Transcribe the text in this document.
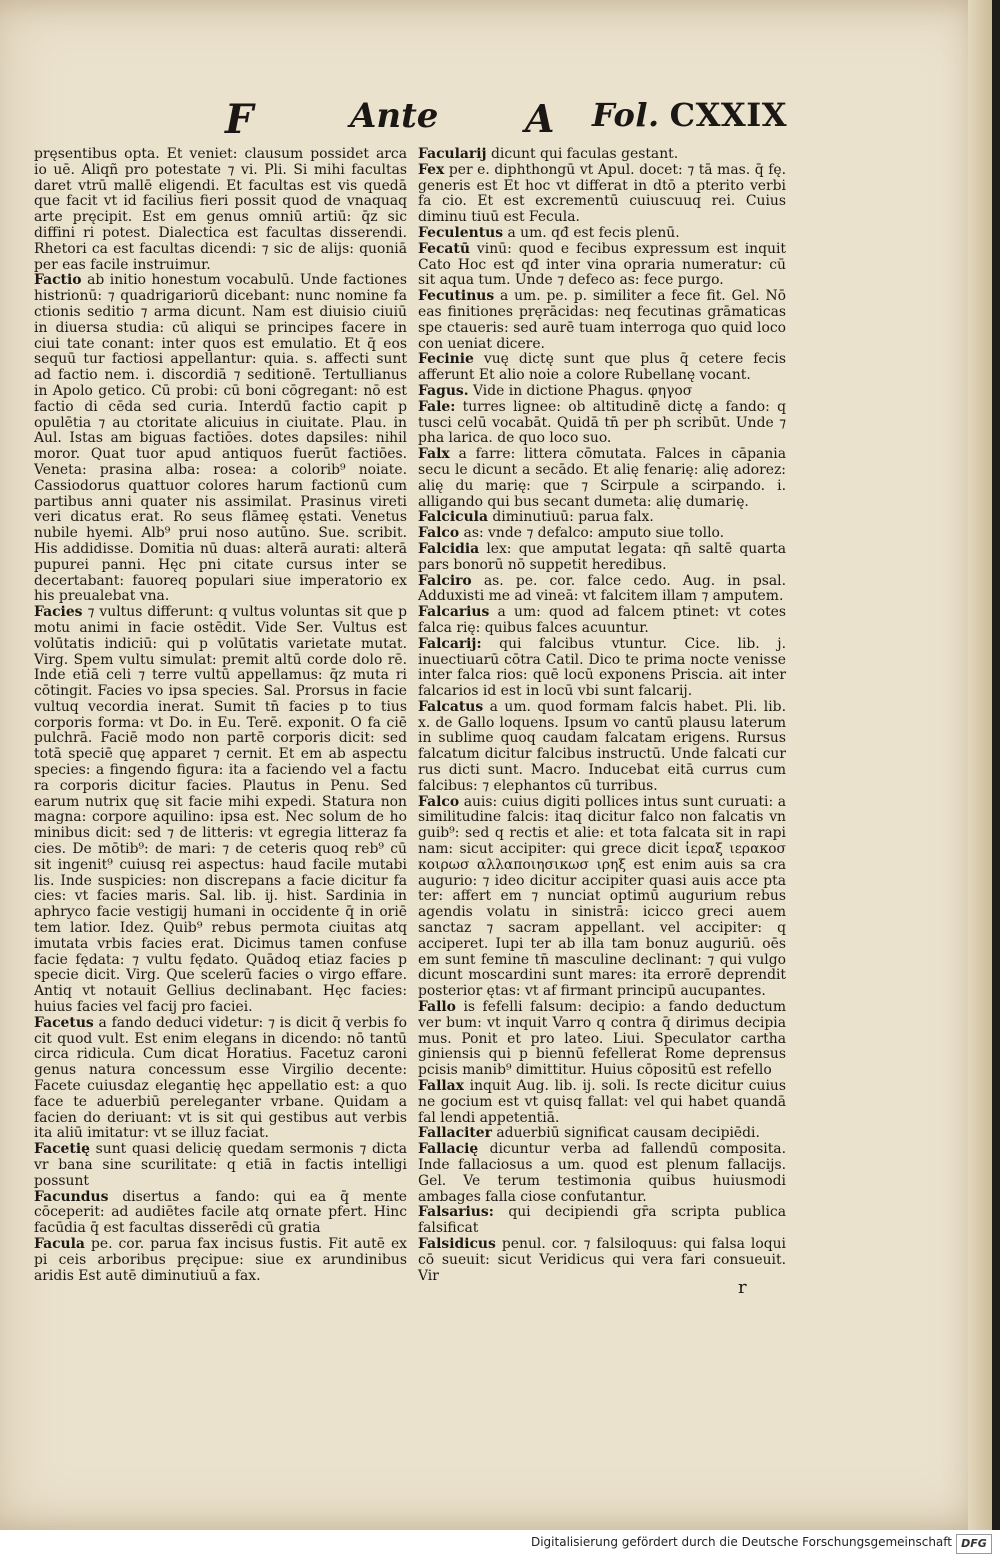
F	Ante A Fol. CXXIX

pręsentibus opta. Et veniet: clausum possidet arca io uē. Aliqñ pro potestate ⁊ vi. Pli. Si mihi facultas daret vtrū mallē eligendi. Et facultas est vis quedā que facit vt id facilius fieri possit quod de vnaquaq arte pręcipit. Est em genus omniū artiū: q̄z sic diffini ri potest. Dialectica est facultas disserendi. Rhetori ca est facultas dicendi: ⁊ sic de alijs: quoniā per eas facile instruimur.

Factio ab initio honestum vocabulū. Unde factiones histrionū: ⁊ quadrigariorū dicebant: nunc nomine fa ctionis seditio ⁊ arma dicunt. Nam est diuisio ciuiū in diuersa studia: cū aliqui se principes facere in ciui tate conant: inter quos est emulatio. Et q̄ eos sequū tur factiosi appellantur: quia. s. affecti sunt ad factio nem. i. discordiā ⁊ seditionē. Tertullianus in Apolo getico. Cū probi: cū boni cōgregant: nō est factio di cēda sed curia. Interdū factio capit p opulētia ⁊ au ctoritate alicuius in ciuitate. Plau. in Aul. Istas am biguas factiōes. dotes dapsiles: nihil moror. Quat tuor apud antiquos fuerūt factiōes. Veneta: prasina alba: rosea: a colorib⁹ noiate. Cassiodorus quattuor colores harum factionū cum partibus anni quater nis assimilat. Prasinus vireti veri dicatus erat. Ro seus flāmeę ęstati. Venetus nubile hyemi. Alb⁹ prui noso autūno. Sue. scribit. His addidisse. Domitia nū duas: alterā aurati: alterā pupurei panni. Hęc pni citate cursus inter se decertabant: fauoreq populari siue imperatorio ex his preualebat vna.

Facies ⁊ vultus differunt: q vultus voluntas sit que p motu animi in facie ostēdit. Vide Ser. Vultus est volūtatis indiciū: qui p volūtatis varietate mutat. Virg. Spem vultu simulat: premit altū corde dolo rē. Inde etiā celi ⁊ terre vultū appellamus: q̄z muta ri cōtingit. Facies vo ipsa species. Sal. Prorsus in facie vultuq vecordia inerat. Sumit tn̄ facies p to tius corporis forma: vt Do. in Eu. Terē. exponit. O fa ciē pulchrā. Faciē modo non partē corporis dicit: sed totā speciē quę apparet ⁊ cernit. Et em ab aspectu species: a fingendo figura: ita a faciendo vel a factu ra corporis dicitur facies. Plautus in Penu. Sed earum nutrix quę sit facie mihi expedi. Statura non magna: corpore aquilino: ipsa est. Nec solum de ho minibus dicit: sed ⁊ de litteris: vt egregia litteraz fa cies. De mōtib⁹: de mari: ⁊ de ceteris quoq reb⁹ cū sit ingenit⁹ cuiusq rei aspectus: haud facile mutabi lis. Inde suspicies: non discrepans a facie dicitur fa cies: vt facies maris. Sal. lib. ij. hist. Sardinia in aphryco facie vestigij humani in occidente q̄ in oriē tem latior. Idez. Quib⁹ rebus permota ciuitas atq imutata vrbis facies erat. Dicimus tamen confuse facie fędata: ⁊ vultu fędato. Quādoq etiaz facies p specie dicit. Virg. Que scelerū facies o virgo effare. Antiq vt notauit Gellius declinabant. Hęc facies: huius facies vel facij pro faciei.

Facetus a fando deduci videtur: ⁊ is dicit q̄ verbis fo cit quod vult. Est enim elegans in dicendo: nō tantū circa ridicula. Cum dicat Horatius. Facetuz caroni genus natura concessum esse Virgilio decente: Facete cuiusdaz elegantię hęc appellatio est: a quo face te aduerbiū pereleganter vrbane. Quidam a facien do deriuant: vt is sit qui gestibus aut verbis ita aliū imitatur: vt se illuz faciat.

Facetię sunt quasi delicię quedam sermonis ⁊ dicta vr bana sine scurilitate: q etiā in factis intelligi possunt

Facundus disertus a fando: qui ea q̄ mente cōceperit: ad audiētes facile atq ornate pfert. Hinc facūdia q̄ est facultas disserēdi cū gratia

Facula pe. cor. parua fax incisus fustis. Fit autē ex pi ceis arboribus pręcipue: siue ex arundinibus aridis Est autē diminutiuū a fax.

Facularij dicunt qui faculas gestant.

Fex per e. diphthongū vt Apul. docet: ⁊ tā mas. q̄ fę. generis est Et hoc vt differat in dtō a pterito verbi fa cio. Et est excrementū cuiuscuuq rei. Cuius diminu tiuū est Fecula.

Feculentus a um. qđ est fecis plenū.

Fecatū vinū: quod e fecibus expressum est inquit Cato Hoc est qđ inter vina opraria numeratur: cū sit aqua tum. Unde ⁊ defeco as: fece purgo.

Fecutinus a um. pe. p. similiter a fece fit. Gel. Nō eas finitiones pręrācidas: neq fecutinas grāmaticas spe ctaueris: sed aurē tuam interroga quo quid loco con ueniat dicere.

Fecinie vuę dictę sunt que plus q̄ cetere fecis afferunt Et alio noie a colore Rubellanę vocant.

Fagus. Vide in dictione Phagus. φηγοσ

Fale: turres lignee: ob altitudinē dictę a fando: q tusci celū vocabāt. Quidā tn̄ per ph scribūt. Unde ⁊ pha larica. de quo loco suo.

Falx a farre: littera cōmutata. Falces in cāpania secu le dicunt a secādo. Et alię fenarię: alię adorez: alię du marię: que ⁊ Scirpule a scirpando. i. alligando qui bus secant dumeta: alię dumarię.

Falcicula diminutiuū: parua falx.

Falco as: vnde ⁊ defalco: amputo siue tollo.

Falcidia lex: que amputat legata: qn̄ saltē quarta pars bonorū nō suppetit heredibus.

Falciro as. pe. cor. falce cedo. Aug. in psal. Adduxisti me ad vineā: vt falcitem illam ⁊ amputem.

Falcarius a um: quod ad falcem ptinet: vt cotes falca rię: quibus falces acuuntur.

Falcarij: qui falcibus vtuntur. Cice. lib. j. inuectiuarū cōtra Catil. Dico te prima nocte venisse inter falca rios: quē locū exponens Priscia. ait inter falcarios id est in locū vbi sunt falcarij.

Falcatus a um. quod formam falcis habet. Pli. lib. x. de Gallo loquens. Ipsum vo cantū plausu laterum in sublime quoq caudam falcatam erigens. Rursus falcatum dicitur falcibus instructū. Unde falcati cur rus dicti sunt. Macro. Inducebat eitā currus cum falcibus: ⁊ elephantos cū turribus.

Falco auis: cuius digiti pollices intus sunt curuati: a similitudine falcis: itaq dicitur falco non falcatis vn guib⁹: sed q rectis et alie: et tota falcata sit in rapi nam: sicut accipiter: qui grece dicit ἱεραξ ιερακοσ κοιρωσ αλλαποιησικωσ ιρηξ est enim auis sa cra augurio: ⁊ ideo dicitur accipiter quasi auis acce pta ter: affert em ⁊ nunciat optimū augurium rebus agendis volatu in sinistrā: icicco greci auem sanctaz ⁊ sacram appellant. vel accipiter: q acciperet. Iupi ter ab illa tam bonuz auguriū. oēs em sunt femine tn̄ masculine declinant: ⁊ qui vulgo dicunt moscardini sunt mares: ita errorē deprendit posterior ętas: vt af firmant principū aucupantes.

Fallo is fefelli falsum: decipio: a fando deductum ver bum: vt inquit Varro q contra q̄ dirimus decipia mus. Ponit et pro lateo. Liui. Speculator cartha giniensis qui p biennū fefellerat Rome deprensus pcisis manib⁹ dimittitur. Huius cōpositū est refello

Fallax inquit Aug. lib. ij. soli. Is recte dicitur cuius ne gocium est vt quisq fallat: vel qui habet quandā fal lendi appetentiā.

Fallaciter aduerbiū significat causam decipiēdi.

Fallacię dicuntur verba ad fallendū composita. Inde fallaciosus a um. quod est plenum fallacijs. Gel. Ve terum testimonia quibus huiusmodi ambages falla ciose confutantur.

Falsarius: qui decipiendi gr̄a scripta publica falsificat

Falsidicus penul. cor. ⁊ falsiloquus: qui falsa loqui cō sueuit: sicut Veridicus qui vera fari consueuit. Vir

r
Digitalisierung gefördert durch die Deutsche Forschungsgemeinschaft DFG
